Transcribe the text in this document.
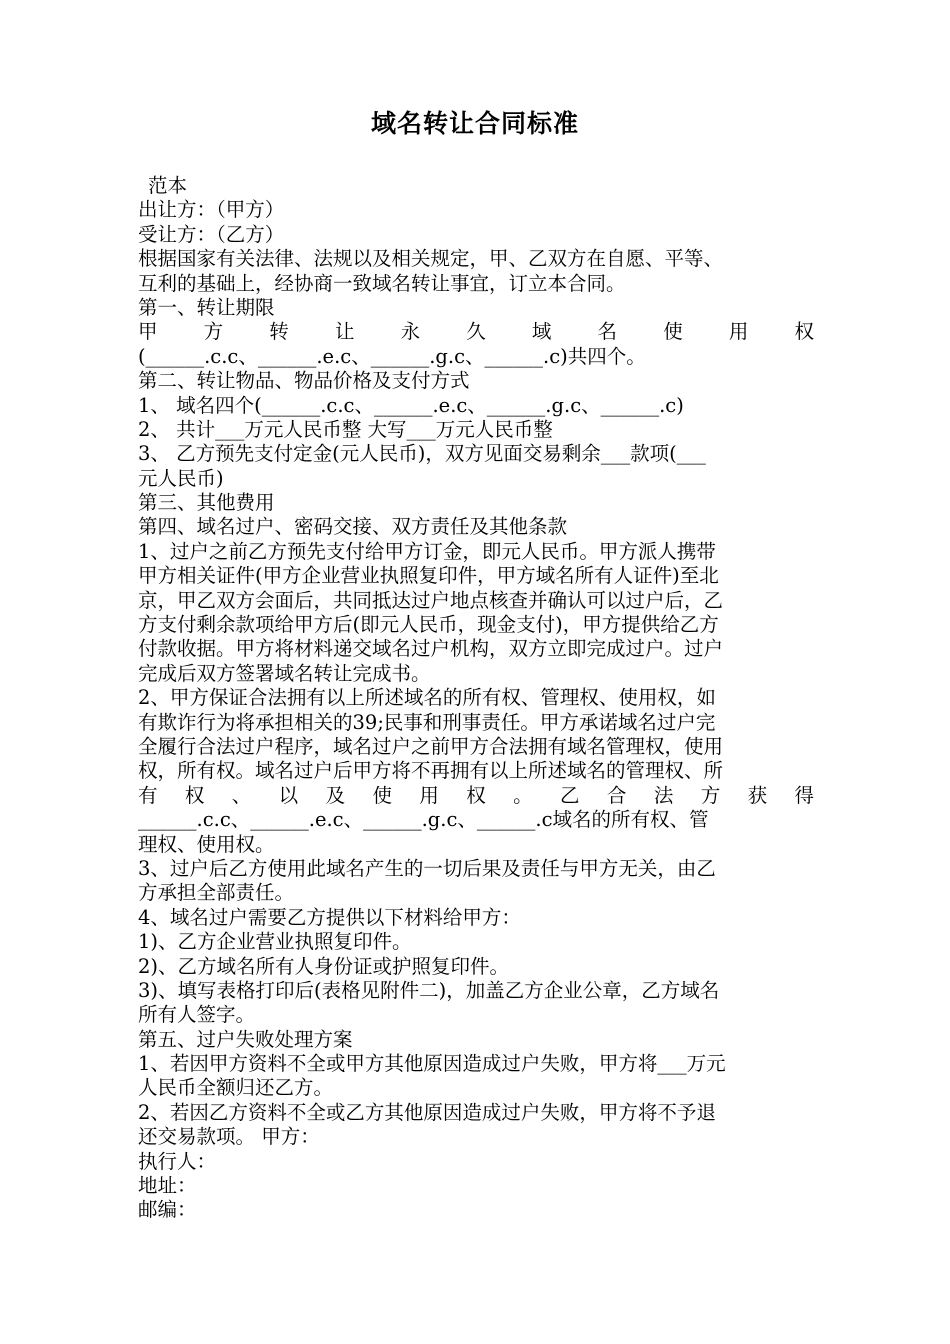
域名转让合同标准
范本
出让方：（甲方）
受让方：（乙方）
根据国家有关法律、法规以及相关规定，甲、乙双方在自愿、平等、
互利的基础上，经协商一致域名转让事宜，订立本合同。
第一、转让期限
甲 方 转 让 永 久 域 名 使 用 权
(______.c.c、______.e.c、______.g.c、______.c)共四个。
第二、转让物品、物品价格及支付方式
1、 域名四个(______.c.c、______.e.c、______.g.c、______.c)
2、 共计___万元人民币整 大写___万元人民币整
3、 乙方预先支付定金(元人民币)，双方见面交易剩余___款项(___
元人民币)
第三、其他费用
第四、域名过户、密码交接、双方责任及其他条款
1、过户之前乙方预先支付给甲方订金，即元人民币。甲方派人携带
甲方相关证件(甲方企业营业执照复印件，甲方域名所有人证件)至北
京，甲乙双方会面后，共同抵达过户地点核查并确认可以过户后，乙
方支付剩余款项给甲方后(即元人民币，现金支付)，甲方提供给乙方
付款收据。甲方将材料递交域名过户机构，双方立即完成过户。过户
完成后双方签署域名转让完成书。
2、甲方保证合法拥有以上所述域名的所有权、管理权、使用权，如
有欺诈行为将承担相关的39;民事和刑事责任。甲方承诺域名过户完
全履行合法过户程序，域名过户之前甲方合法拥有域名管理权，使用
权，所有权。域名过户后甲方将不再拥有以上所述域名的管理权、所
有 权 、 以 及 使 用 权 。 乙 合 法 方 获 得
______.c.c、______.e.c、______.g.c、______.c域名的所有权、管
理权、使用权。
3、过户后乙方使用此域名产生的一切后果及责任与甲方无关，由乙
方承担全部责任。
4、域名过户需要乙方提供以下材料给甲方：
1)、乙方企业营业执照复印件。
2)、乙方域名所有人身份证或护照复印件。
3)、填写表格打印后(表格见附件二)，加盖乙方企业公章，乙方域名
所有人签字。
第五、过户失败处理方案
1、若因甲方资料不全或甲方其他原因造成过户失败，甲方将___万元
人民币全额归还乙方。
2、若因乙方资料不全或乙方其他原因造成过户失败，甲方将不予退
还交易款项。 甲方：
执行人：
地址：
邮编：
